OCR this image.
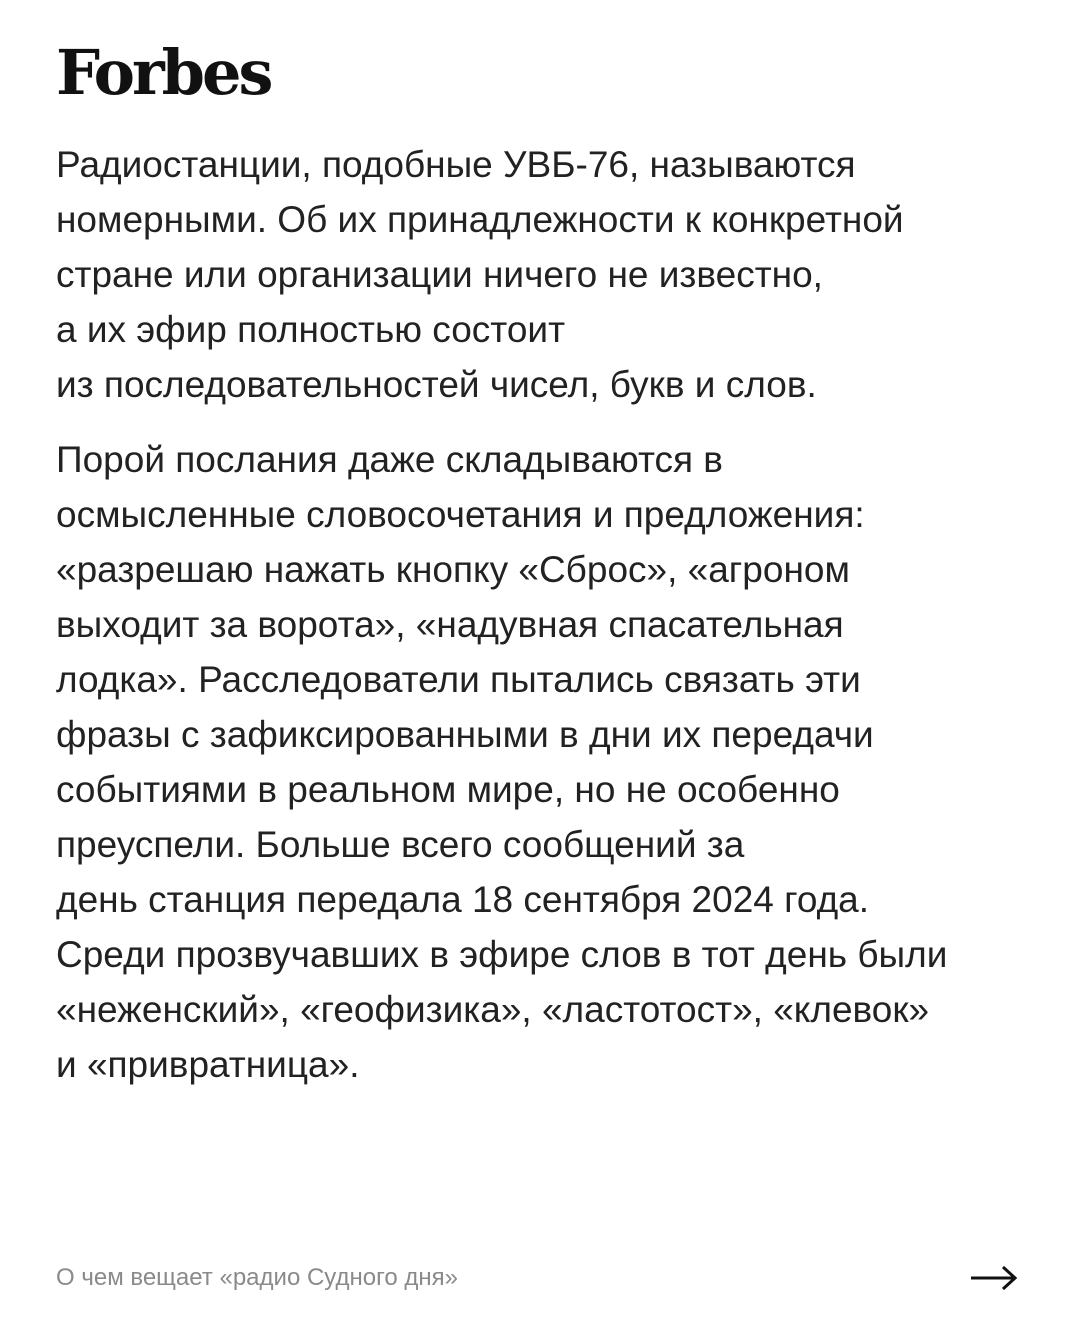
Forbes

Радиостанции, подобные УВБ-76, называются
номерными. Об их принадлежности к конкретной
стране или организации ничего не известно,
а их эфир полностью состоит
из последовательностей чисел, букв и слов.

Порой послания даже складываются в
осмысленные словосочетания и предложения:
«разрешаю нажать кнопку «Сброс», «агроном
выходит за ворота», «надувная спасательная
лодка». Расследователи пытались связать эти
фразы с зафиксированными в дни их передачи
событиями в реальном мире, но не особенно
преуспели. Больше всего сообщений за
день станция передала 18 сентября 2024 года.
Среди прозвучавших в эфире слов в тот день были
«неженский», «геофизика», «ластотост», «клевок»
и «привратница».

О чем вещает «радио Судного дня»
